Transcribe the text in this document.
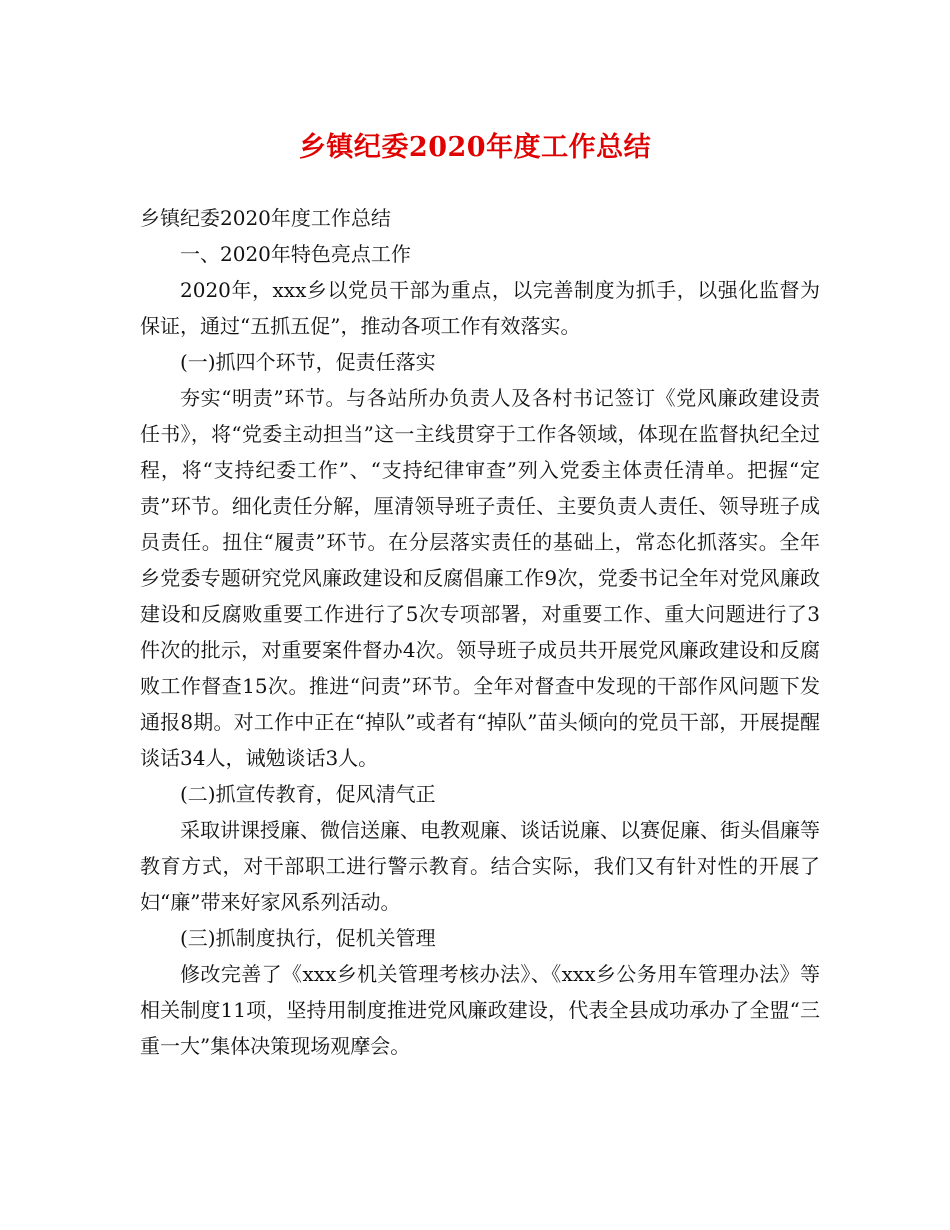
乡镇纪委2020年度工作总结

乡镇纪委2020年度工作总结

一、2020年特色亮点工作

2020年，xxx乡以党员干部为重点，以完善制度为抓手，以强化监督为保证，通过“五抓五促”，推动各项工作有效落实。

(一)抓四个环节，促责任落实

夯实“明责”环节。与各站所办负责人及各村书记签订《党风廉政建设责任书》，将“党委主动担当”这一主线贯穿于工作各领域，体现在监督执纪全过程，将“支持纪委工作”、“支持纪律审查”列入党委主体责任清单。把握“定责”环节。细化责任分解，厘清领导班子责任、主要负责人责任、领导班子成员责任。扭住“履责”环节。在分层落实责任的基础上，常态化抓落实。全年乡党委专题研究党风廉政建设和反腐倡廉工作9次，党委书记全年对党风廉政建设和反腐败重要工作进行了5次专项部署，对重要工作、重大问题进行了3件次的批示，对重要案件督办4次。领导班子成员共开展党风廉政建设和反腐败工作督查15次。推进“问责”环节。全年对督查中发现的干部作风问题下发通报8期。对工作中正在“掉队”或者有“掉队”苗头倾向的党员干部，开展提醒谈话34人，诫勉谈话3人。

(二)抓宣传教育，促风清气正

采取讲课授廉、微信送廉、电教观廉、谈话说廉、以赛促廉、街头倡廉等教育方式，对干部职工进行警示教育。结合实际，我们又有针对性的开展了妇“廉”带来好家风系列活动。

(三)抓制度执行，促机关管理

修改完善了《xxx乡机关管理考核办法》、《xxx乡公务用车管理办法》等相关制度11项，坚持用制度推进党风廉政建设，代表全县成功承办了全盟“三重一大”集体决策现场观摩会。
